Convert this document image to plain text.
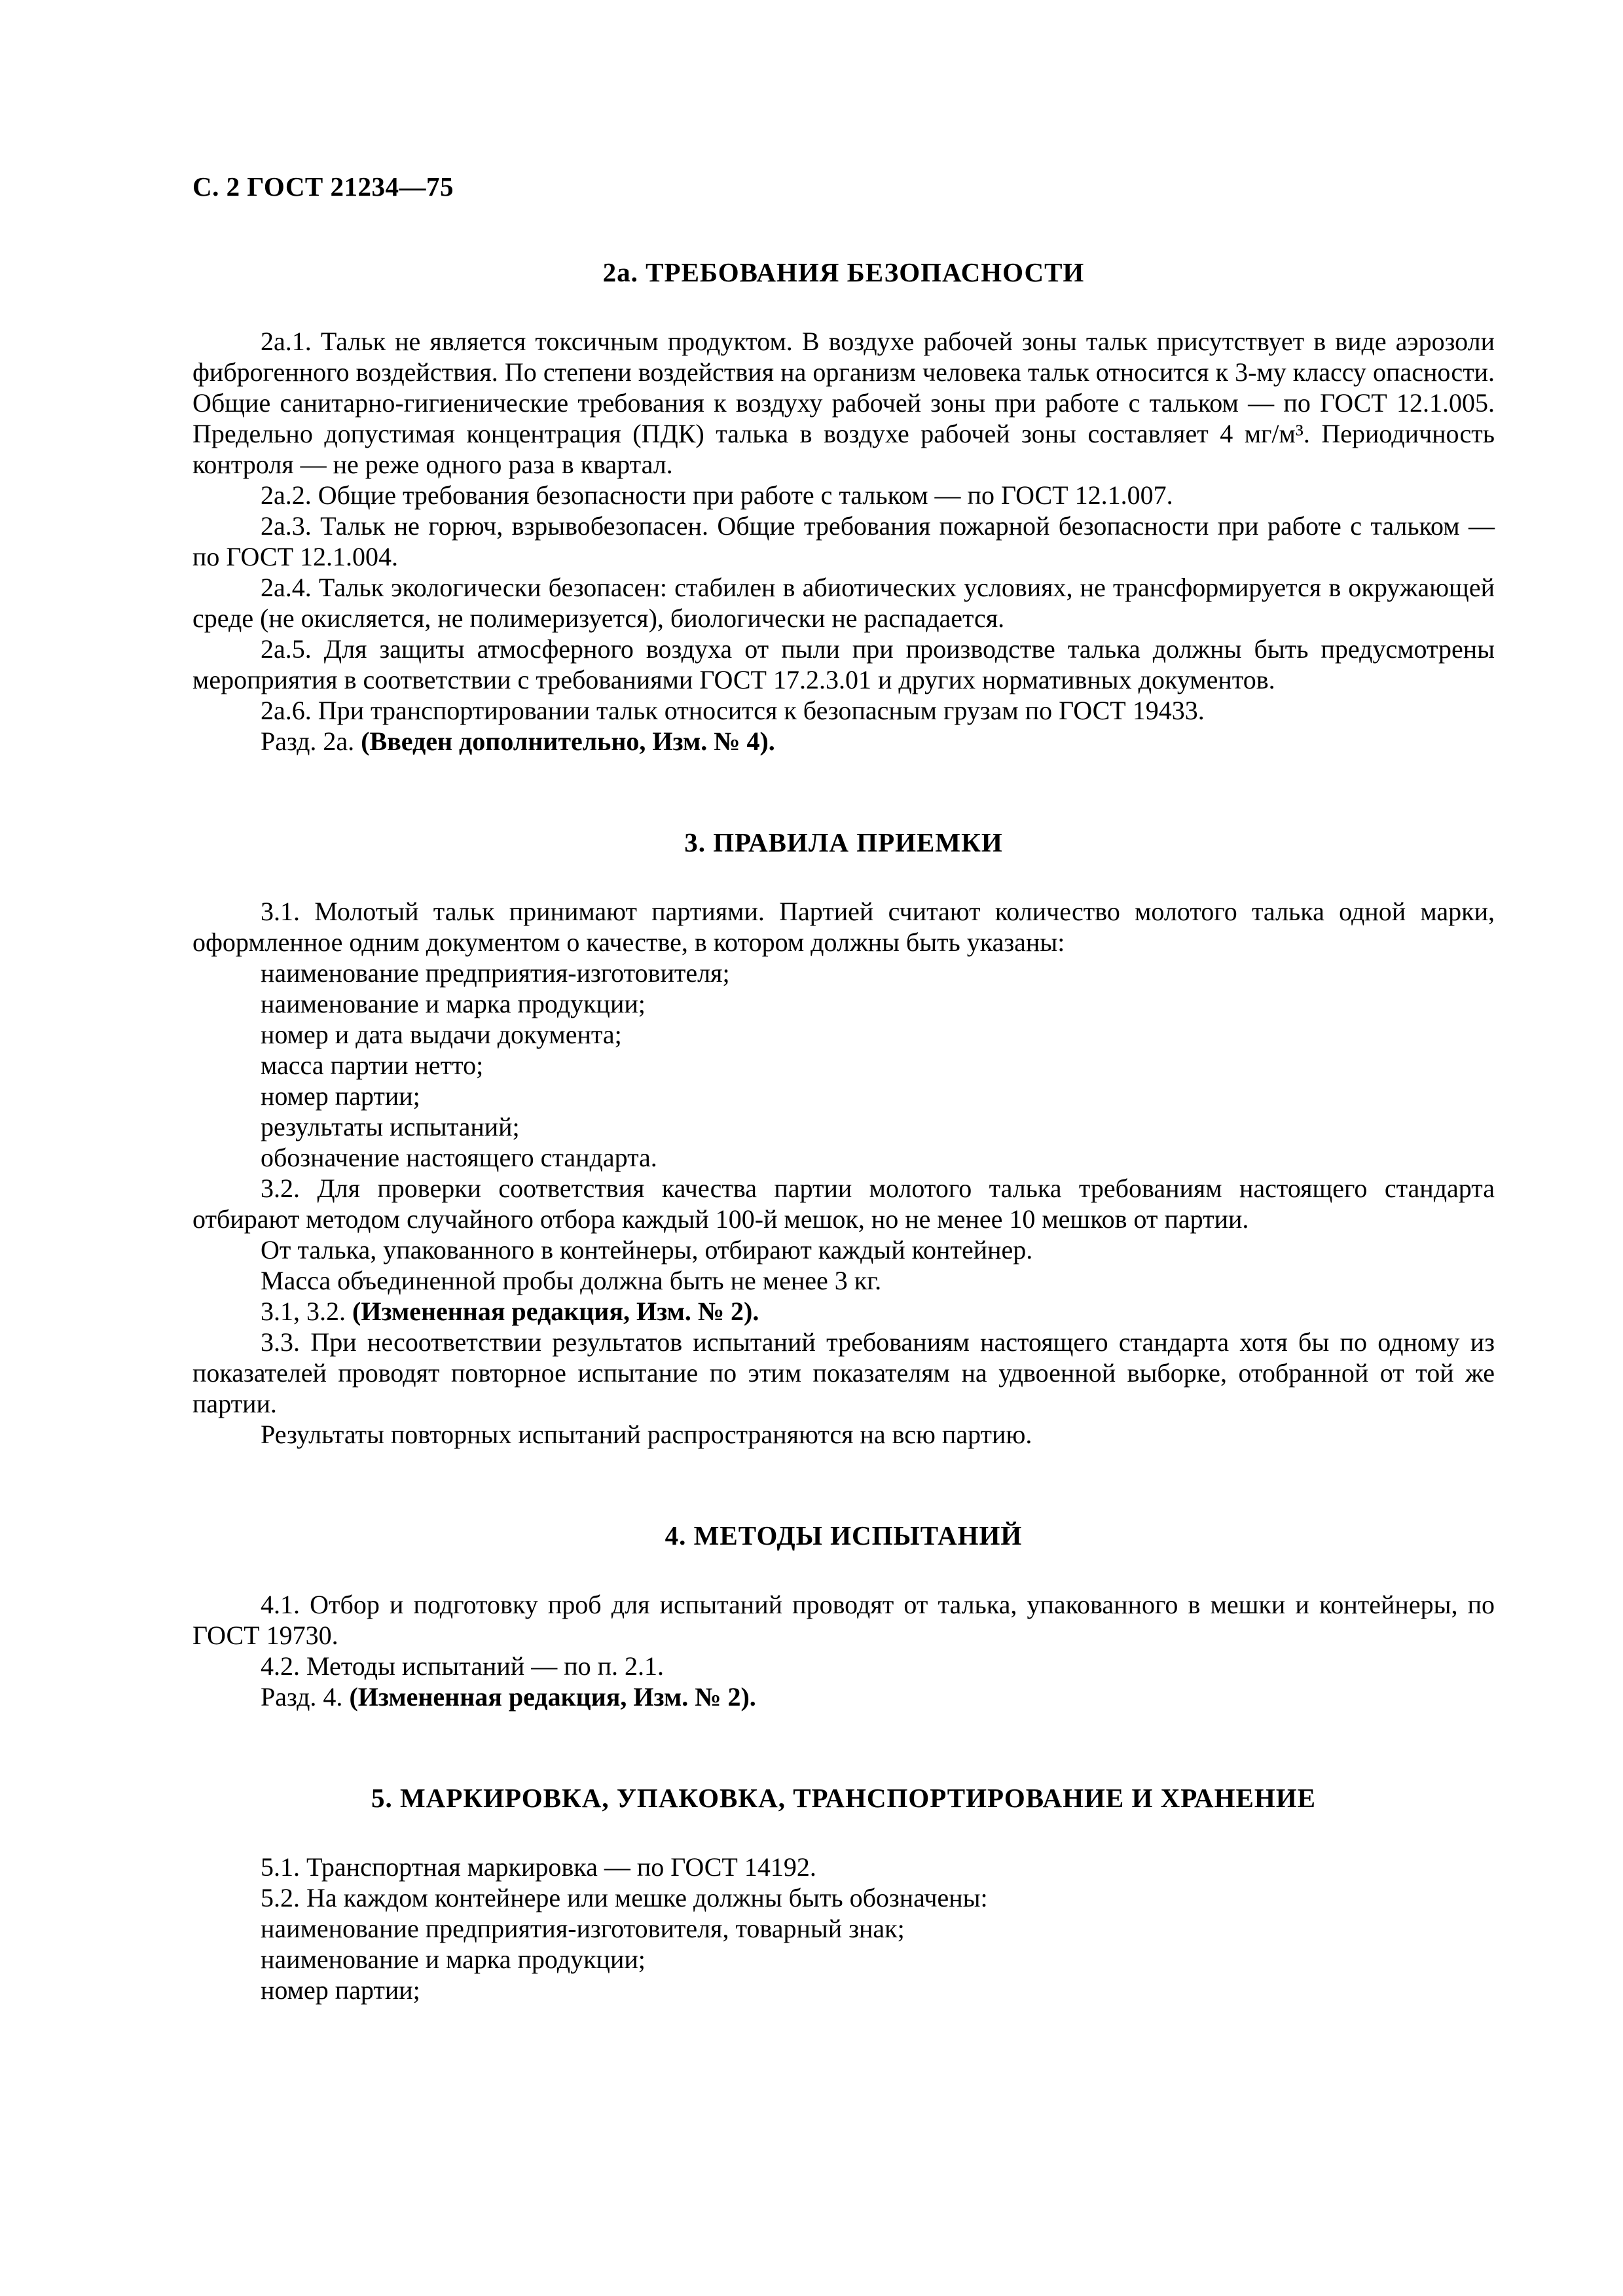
С. 2 ГОСТ 21234—75
2а. ТРЕБОВАНИЯ БЕЗОПАСНОСТИ

2а.1. Тальк не является токсичным продуктом. В воздухе рабочей зоны тальк присутствует в виде аэрозоли фиброгенного воздействия. По степени воздействия на организм человека тальк относится к 3-му классу опасности. Общие санитарно-гигиенические требования к воздуху рабочей зоны при работе с тальком — по ГОСТ 12.1.005. Предельно допустимая концентрация (ПДК) талька в воздухе рабочей зоны составляет 4 мг/м³. Периодичность контроля — не реже одного раза в квартал.

2а.2. Общие требования безопасности при работе с тальком — по ГОСТ 12.1.007.

2а.3. Тальк не горюч, взрывобезопасен. Общие требования пожарной безопасности при работе с тальком — по ГОСТ 12.1.004.

2а.4. Тальк экологически безопасен: стабилен в абиотических условиях, не трансформируется в окружающей среде (не окисляется, не полимеризуется), биологически не распадается.

2а.5. Для защиты атмосферного воздуха от пыли при производстве талька должны быть предусмотрены мероприятия в соответствии с требованиями ГОСТ 17.2.3.01 и других нормативных документов.

2а.6. При транспортировании тальк относится к безопасным грузам по ГОСТ 19433.

Разд. 2а. (Введен дополнительно, Изм. № 4).

3. ПРАВИЛА ПРИЕМКИ

3.1. Молотый тальк принимают партиями. Партией считают количество молотого талька одной марки, оформленное одним документом о качестве, в котором должны быть указаны:

наименование предприятия-изготовителя;

наименование и марка продукции;

номер и дата выдачи документа;

масса партии нетто;

номер партии;

результаты испытаний;

обозначение настоящего стандарта.

3.2. Для проверки соответствия качества партии молотого талька требованиям настоящего стандарта отбирают методом случайного отбора каждый 100-й мешок, но не менее 10 мешков от партии.

От талька, упакованного в контейнеры, отбирают каждый контейнер.

Масса объединенной пробы должна быть не менее 3 кг.

3.1, 3.2. (Измененная редакция, Изм. № 2).

3.3. При несоответствии результатов испытаний требованиям настоящего стандарта хотя бы по одному из показателей проводят повторное испытание по этим показателям на удвоенной выборке, отобранной от той же партии.

Результаты повторных испытаний распространяются на всю партию.

4. МЕТОДЫ ИСПЫТАНИЙ

4.1. Отбор и подготовку проб для испытаний проводят от талька, упакованного в мешки и контейнеры, по ГОСТ 19730.

4.2. Методы испытаний — по п. 2.1.

Разд. 4. (Измененная редакция, Изм. № 2).

5. МАРКИРОВКА, УПАКОВКА, ТРАНСПОРТИРОВАНИЕ И ХРАНЕНИЕ

5.1. Транспортная маркировка — по ГОСТ 14192.

5.2. На каждом контейнере или мешке должны быть обозначены:

наименование предприятия-изготовителя, товарный знак;

наименование и марка продукции;

номер партии;
